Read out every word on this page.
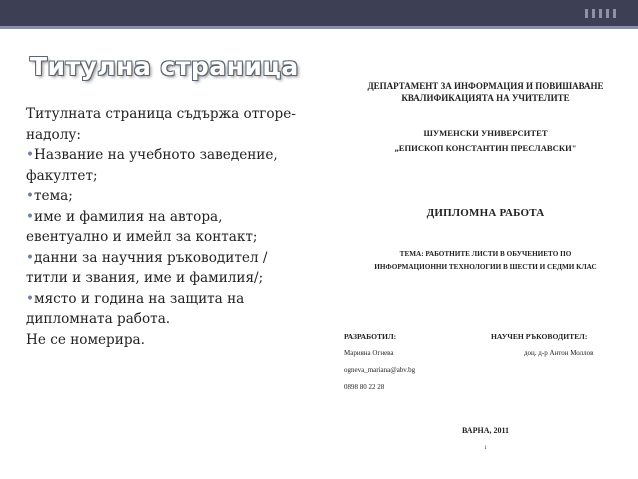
Титулна страница

Титулната страница съдържа отгоре-надолу:

•Название на учебното заведение, факултет;

•тема;

•име и фамилия на автора, евентуално и имейл за контакт;

•данни за научния ръководител /титли и звания, име и фамилия/;

•място и година на защита на дипломната работа.

Не се номерира.

ДЕПАРТАМЕНТ ЗА ИНФОРМАЦИЯ И ПОВИШАВАНЕ
КВАЛИФИКАЦИЯТА НА УЧИТЕЛИТЕ
ШУМЕНСКИ УНИВЕРСИТЕТ
„ЕПИСКОП КОНСТАНТИН ПРЕСЛАВСКИ"
ДИПЛОМНА РАБОТА
ТЕМА: РАБОТНИТЕ ЛИСТИ В ОБУЧЕНИЕТО ПО
ИНФОРМАЦИОННИ ТЕХНОЛОГИИ В ШЕСТИ И СЕДМИ КЛАС
РАЗРАБОТИЛ:	НАУЧЕН РЪКОВОДИТЕЛ:
Марияна Огнева	доц. д-р Антон Моллов
ogneva_mariana@abv.bg
0898 80 22 28
ВАРНА, 2011
1
